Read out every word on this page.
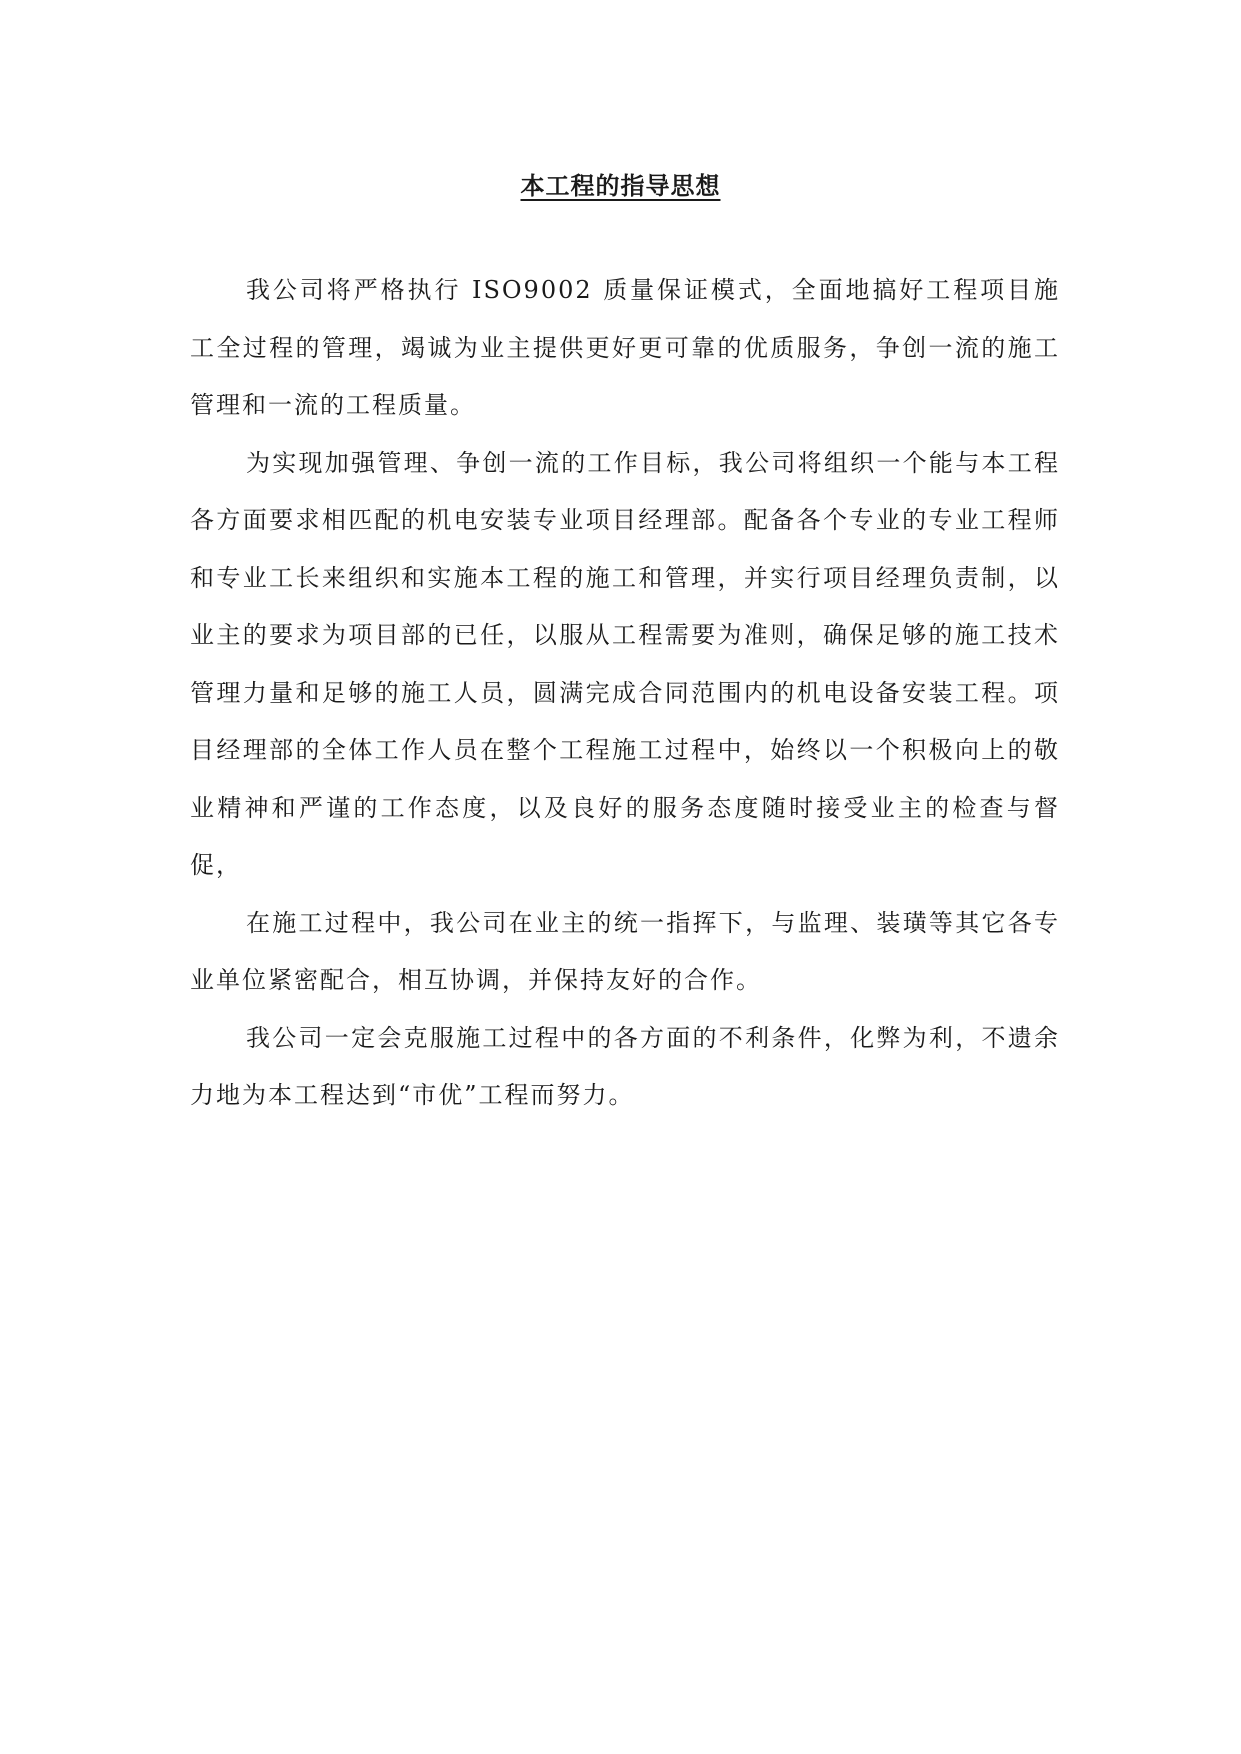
本工程的指导思想

我公司将严格执行 ISO9002 质量保证模式，全面地搞好工程项目施工全过程的管理，竭诚为业主提供更好更可靠的优质服务，争创一流的施工管理和一流的工程质量。

为实现加强管理、争创一流的工作目标，我公司将组织一个能与本工程各方面要求相匹配的机电安装专业项目经理部。配备各个专业的专业工程师和专业工长来组织和实施本工程的施工和管理，并实行项目经理负责制，以业主的要求为项目部的已任，以服从工程需要为准则，确保足够的施工技术管理力量和足够的施工人员，圆满完成合同范围内的机电设备安装工程。项目经理部的全体工作人员在整个工程施工过程中，始终以一个积极向上的敬业精神和严谨的工作态度，以及良好的服务态度随时接受业主的检查与督促，

在施工过程中，我公司在业主的统一指挥下，与监理、装璜等其它各专业单位紧密配合，相互协调，并保持友好的合作。

我公司一定会克服施工过程中的各方面的不利条件，化弊为利，不遗余力地为本工程达到“市优”工程而努力。
